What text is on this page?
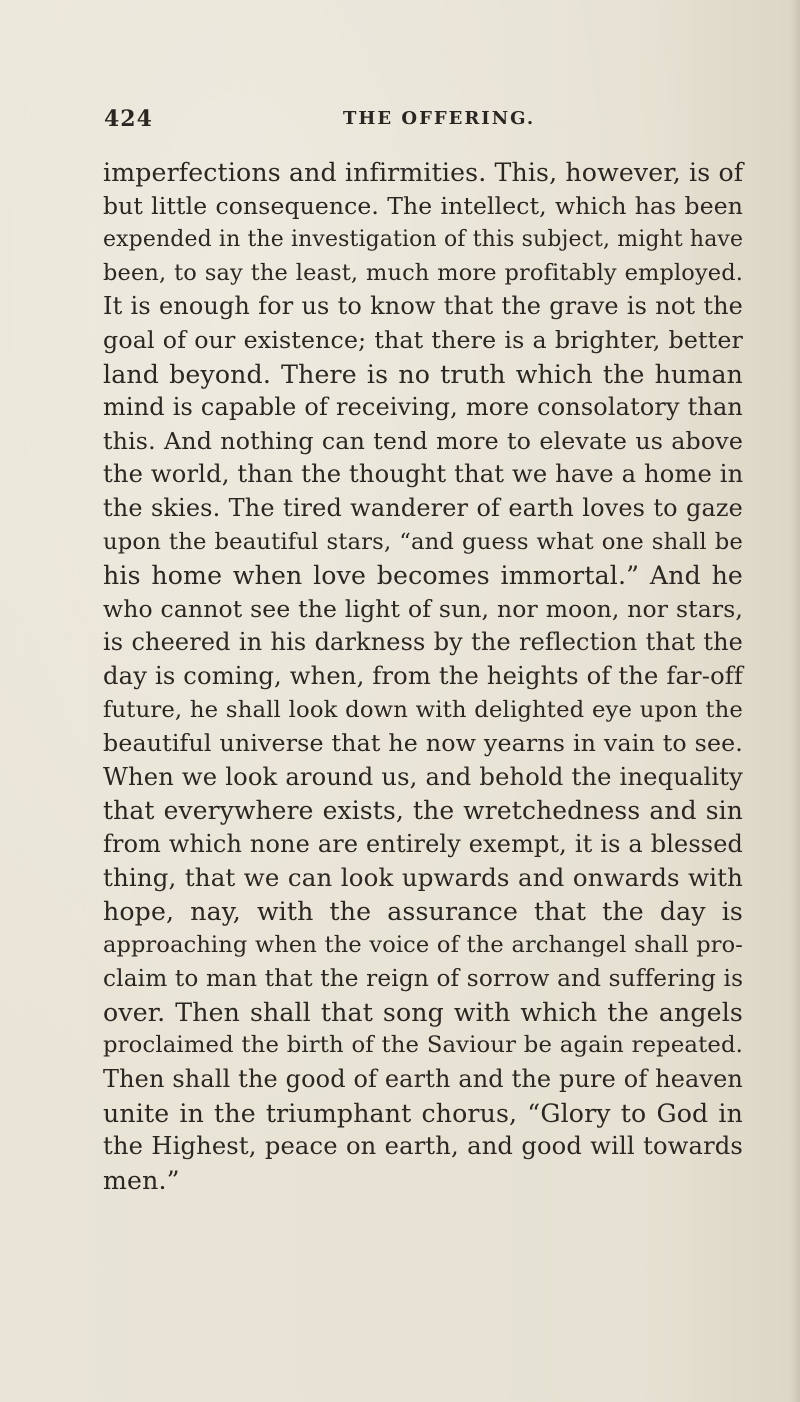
424	THE OFFERING.
imperfections and infirmities. This, however, is of
but little consequence. The intellect, which has been
expended in the investigation of this subject, might have
been, to say the least, much more profitably employed.
It is enough for us to know that the grave is not the
goal of our existence; that there is a brighter, better
land beyond. There is no truth which the human
mind is capable of receiving, more consolatory than
this. And nothing can tend more to elevate us above
the world, than the thought that we have a home in
the skies. The tired wanderer of earth loves to gaze
upon the beautiful stars, “and guess what one shall be
his home when love becomes immortal.” And he
who cannot see the light of sun, nor moon, nor stars,
is cheered in his darkness by the reflection that the
day is coming, when, from the heights of the far-off
future, he shall look down with delighted eye upon the
beautiful universe that he now yearns in vain to see.
When we look around us, and behold the inequality
that everywhere exists, the wretchedness and sin
from which none are entirely exempt, it is a blessed
thing, that we can look upwards and onwards with
hope, nay, with the assurance that the day is
approaching when the voice of the archangel shall pro-
claim to man that the reign of sorrow and suffering is
over. Then shall that song with which the angels
proclaimed the birth of the Saviour be again repeated.
Then shall the good of earth and the pure of heaven
unite in the triumphant chorus, “Glory to God in
the Highest, peace on earth, and good will towards
men.”
